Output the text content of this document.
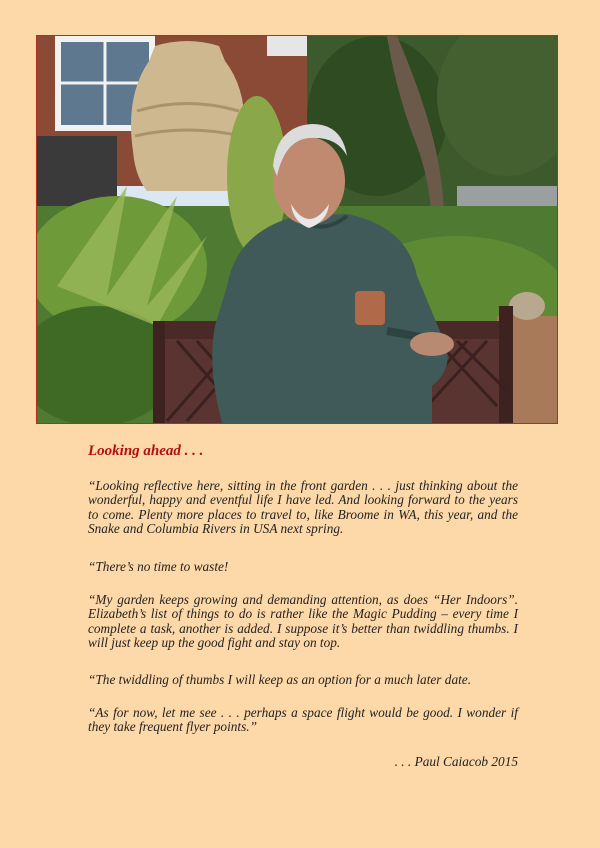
Looking ahead . . .

“Looking reflective here, sitting in the front garden . . . just thinking about the wonderful, happy and eventful life I have led. And looking forward to the years to come. Plenty more places to travel to, like Broome in WA, this year, and the Snake and Columbia Rivers in USA next spring.

“There’s no time to waste!

“My garden keeps growing and demanding attention, as does “Her Indoors”. Elizabeth’s list of things to do is rather like the Magic Pudding – every time I complete a task, another is added. I suppose it’s better than twiddling thumbs. I will just keep up the good fight and stay on top.

“The twiddling of thumbs I will keep as an option for a much later date.

“As for now, let me see . . . perhaps a space flight would be good. I wonder if they take frequent flyer points.”

. . . Paul Caiacob 2015
